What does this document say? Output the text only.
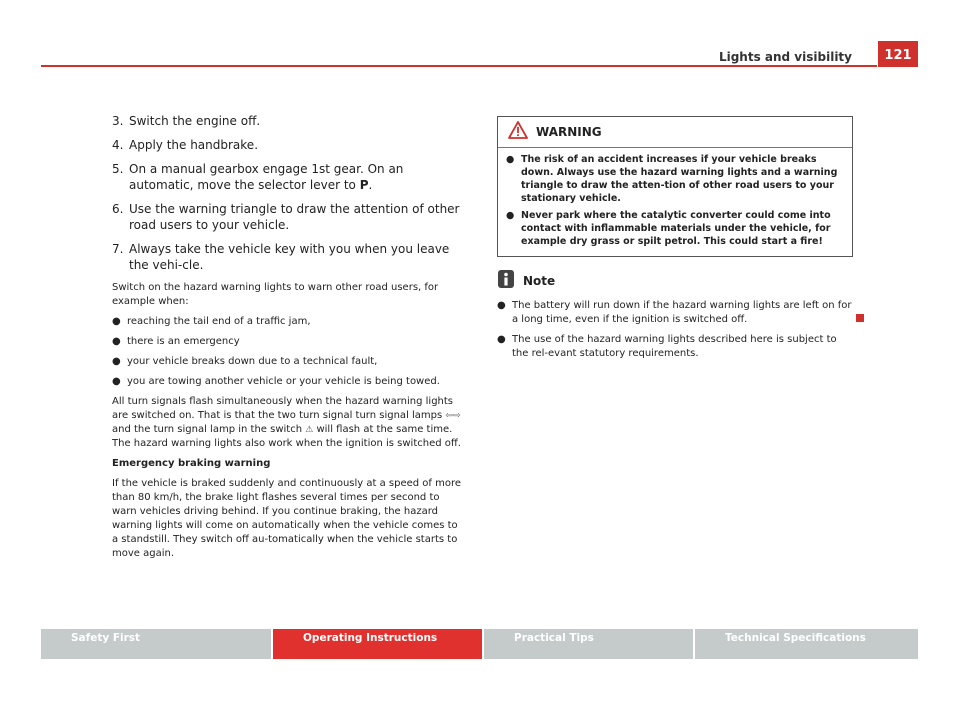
Lights and visibility	121
3. Switch the engine off.
4. Apply the handbrake.
5. On a manual gearbox engage 1st gear. On an automatic, move the selector lever to P.
6. Use the warning triangle to draw the attention of other road users to your vehicle.
7. Always take the vehicle key with you when you leave the vehi-cle.

Switch on the hazard warning lights to warn other road users, for example when:

● reaching the tail end of a traffic jam,
● there is an emergency
● your vehicle breaks down due to a technical fault,
● you are towing another vehicle or your vehicle is being towed.

All turn signals flash simultaneously when the hazard warning lights are switched on. That is that the two turn signal turn signal lamps ⇦⇨ and the turn signal lamp in the switch ⚠ will flash at the same time. The hazard warning lights also work when the ignition is switched off.

Emergency braking warning

If the vehicle is braked suddenly and continuously at a speed of more than 80 km/h, the brake light flashes several times per second to warn vehicles driving behind. If you continue braking, the hazard warning lights will come on automatically when the vehicle comes to a standstill. They switch off au-tomatically when the vehicle starts to move again.

WARNING
● The risk of an accident increases if your vehicle breaks down. Always use the hazard warning lights and a warning triangle to draw the atten-tion of other road users to your stationary vehicle.
● Never park where the catalytic converter could come into contact with inflammable materials under the vehicle, for example dry grass or spilt petrol. This could start a fire!
Note
● The battery will run down if the hazard warning lights are left on for a long time, even if the ignition is switched off.
● The use of the hazard warning lights described here is subject to the rel-evant statutory requirements.
Safety First	Operating Instructions	Practical Tips	Technical Specifications
